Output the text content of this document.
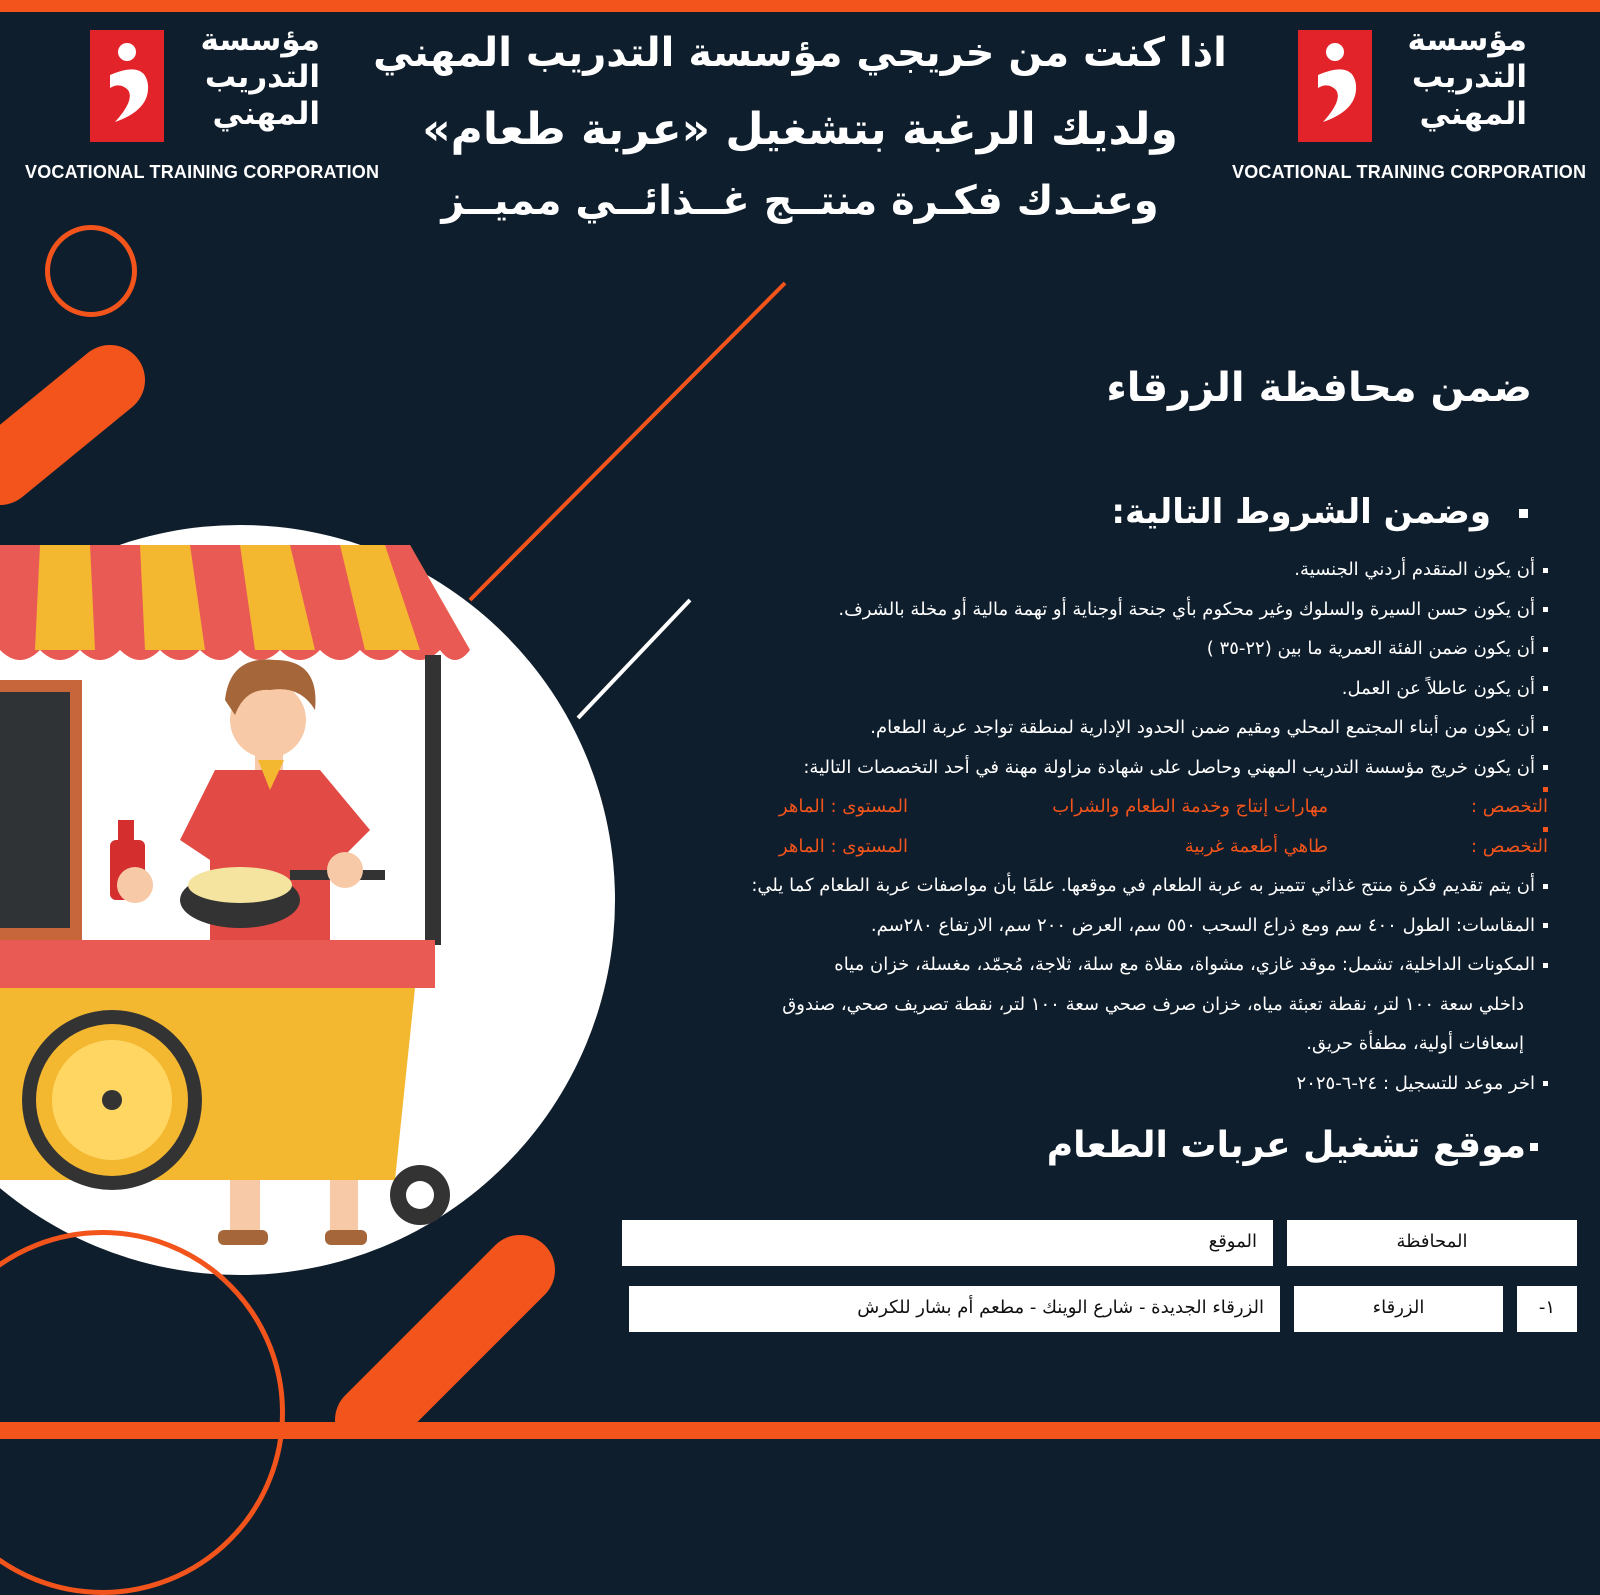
مؤسسة
التدريب
المهني
VOCATIONAL TRAINING CORPORATION
مؤسسة
التدريب
المهني
VOCATIONAL TRAINING CORPORATION
اذا كنت من خريجي مؤسسة التدريب المهني
ولديك الرغبة بتشغيل «عربة طعام»
وعنـدك فكـرة منتــج غــذائــي مميــز
ضمن محافظة الزرقاء
وضمن الشروط التالية:
أن يكون المتقدم أردني الجنسية.
أن يكون حسن السيرة والسلوك وغير محكوم بأي جنحة أوجناية أو تهمة مالية أو مخلة بالشرف.
أن يكون ضمن الفئة العمرية ما بين (٢٢-٣٥ )
أن يكون عاطلاً عن العمل.
أن يكون من أبناء المجتمع المحلي ومقيم ضمن الحدود الإدارية لمنطقة تواجد عربة الطعام.
أن يكون خريج مؤسسة التدريب المهني وحاصل على شهادة مزاولة مهنة في أحد التخصصات التالية:
التخصص :
مهارات إنتاج وخدمة الطعام والشراب
المستوى : الماهر
التخصص :
طاهي أطعمة غربية
المستوى : الماهر
أن يتم تقديم فكرة منتج غذائي تتميز به عربة الطعام في موقعها. علمًا بأن مواصفات عربة الطعام كما يلي:
المقاسات: الطول ٤٠٠ سم ومع ذراع السحب ٥٥٠ سم، العرض ٢٠٠ سم، الارتفاع ٢٨٠سم.
المكونات الداخلية، تشمل: موقد غازي، مشواة، مقلاة مع سلة، ثلاجة، مُجمّد، مغسلة، خزان مياه
داخلي سعة ١٠٠ لتر، نقطة تعبئة مياه، خزان صرف صحي سعة ١٠٠ لتر، نقطة تصريف صحي، صندوق
إسعافات أولية، مطفأة حريق.
اخر موعد للتسجيل : ٢٤-٦-٢٠٢٥
موقع تشغيل عربات الطعام
المحافظة
الموقع
١-
الزرقاء
الزرقاء الجديدة - شارع الوينك - مطعم أم بشار للكرش
